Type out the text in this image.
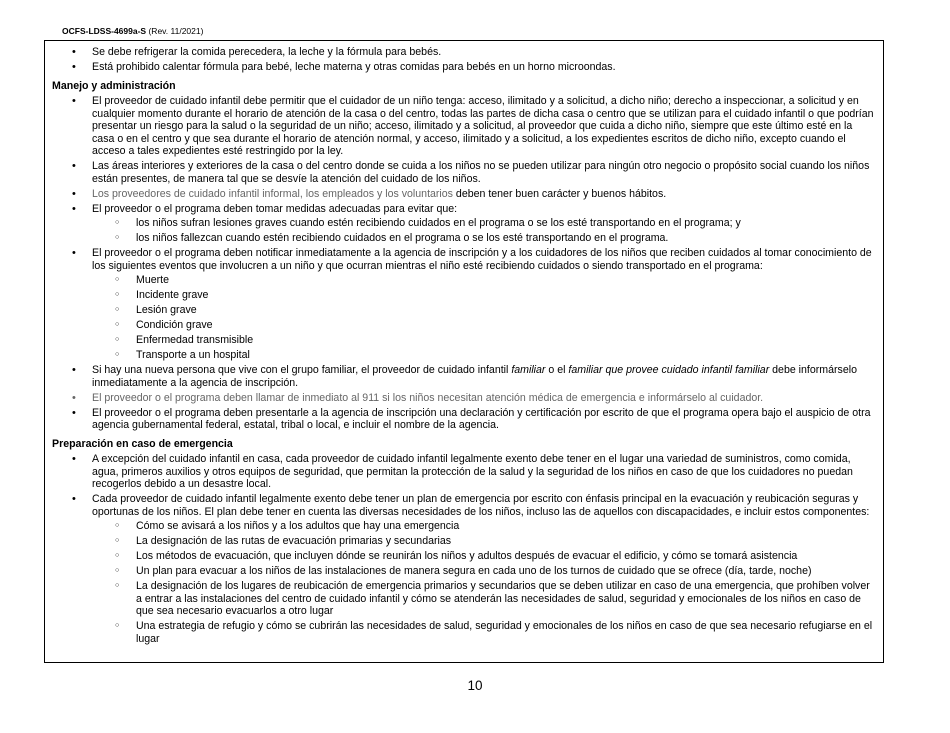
OCFS-LDSS-4699a-S (Rev. 11/2021)
• Se debe refrigerar la comida perecedera, la leche y la fórmula para bebés.
• Está prohibido calentar fórmula para bebé, leche materna y otras comidas para bebés en un horno microondas.
Manejo y administración
• El proveedor de cuidado infantil debe permitir que el cuidador de un niño tenga: acceso, ilimitado y a solicitud, a dicho niño; derecho a inspeccionar, a solicitud y en cualquier momento durante el horario de atención de la casa o del centro, todas las partes de dicha casa o centro que se utilizan para el cuidado infantil o que podrían presentar un riesgo para la salud o la seguridad de un niño; acceso, ilimitado y a solicitud, al proveedor que cuida a dicho niño, siempre que este último esté en la casa o en el centro y que sea durante el horario de atención normal, y acceso, ilimitado y a solicitud, a los expedientes escritos de dicho niño, excepto cuando el acceso a tales expedientes esté restringido por la ley.
• Las áreas interiores y exteriores de la casa o del centro donde se cuida a los niños no se pueden utilizar para ningún otro negocio o propósito social cuando los niños están presentes, de manera tal que se desvíe la atención del cuidado de los niños.
• Los proveedores de cuidado infantil informal, los empleados y los voluntarios deben tener buen carácter y buenos hábitos.
• El proveedor o el programa deben tomar medidas adecuadas para evitar que:
○ los niños sufran lesiones graves cuando estén recibiendo cuidados en el programa o se los esté transportando en el programa; y
○ los niños fallezcan cuando estén recibiendo cuidados en el programa o se los esté transportando en el programa.
• El proveedor o el programa deben notificar inmediatamente a la agencia de inscripción y a los cuidadores de los niños que reciben cuidados al tomar conocimiento de los siguientes eventos que involucren a un niño y que ocurran mientras el niño esté recibiendo cuidados o siendo transportado en el programa:
○ Muerte
○ Incidente grave
○ Lesión grave
○ Condición grave
○ Enfermedad transmisible
○ Transporte a un hospital
• Si hay una nueva persona que vive con el grupo familiar, el proveedor de cuidado infantil familiar o el familiar que provee cuidado infantil familiar debe informárselo inmediatamente a la agencia de inscripción.
• El proveedor o el programa deben llamar de inmediato al 911 si los niños necesitan atención médica de emergencia e informárselo al cuidador.
• El proveedor o el programa deben presentarle a la agencia de inscripción una declaración y certificación por escrito de que el programa opera bajo el auspicio de otra agencia gubernamental federal, estatal, tribal o local, e incluir el nombre de la agencia.
Preparación en caso de emergencia
• A excepción del cuidado infantil en casa, cada proveedor de cuidado infantil legalmente exento debe tener en el lugar una variedad de suministros, como comida, agua, primeros auxilios y otros equipos de seguridad, que permitan la protección de la salud y la seguridad de los niños en caso de que los cuidadores no puedan recogerlos debido a un desastre local.
• Cada proveedor de cuidado infantil legalmente exento debe tener un plan de emergencia por escrito con énfasis principal en la evacuación y reubicación seguras y oportunas de los niños. El plan debe tener en cuenta las diversas necesidades de los niños, incluso las de aquellos con discapacidades, e incluir estos componentes:
○ Cómo se avisará a los niños y a los adultos que hay una emergencia
○ La designación de las rutas de evacuación primarias y secundarias
○ Los métodos de evacuación, que incluyen dónde se reunirán los niños y adultos después de evacuar el edificio, y cómo se tomará asistencia
○ Un plan para evacuar a los niños de las instalaciones de manera segura en cada uno de los turnos de cuidado que se ofrece (día, tarde, noche)
○ La designación de los lugares de reubicación de emergencia primarios y secundarios que se deben utilizar en caso de una emergencia, que prohíben volver a entrar a las instalaciones del centro de cuidado infantil y cómo se atenderán las necesidades de salud, seguridad y emocionales de los niños en caso de que sea necesario evacuarlos a otro lugar
○ Una estrategia de refugio y cómo se cubrirán las necesidades de salud, seguridad y emocionales de los niños en caso de que sea necesario refugiarse en el lugar
10
